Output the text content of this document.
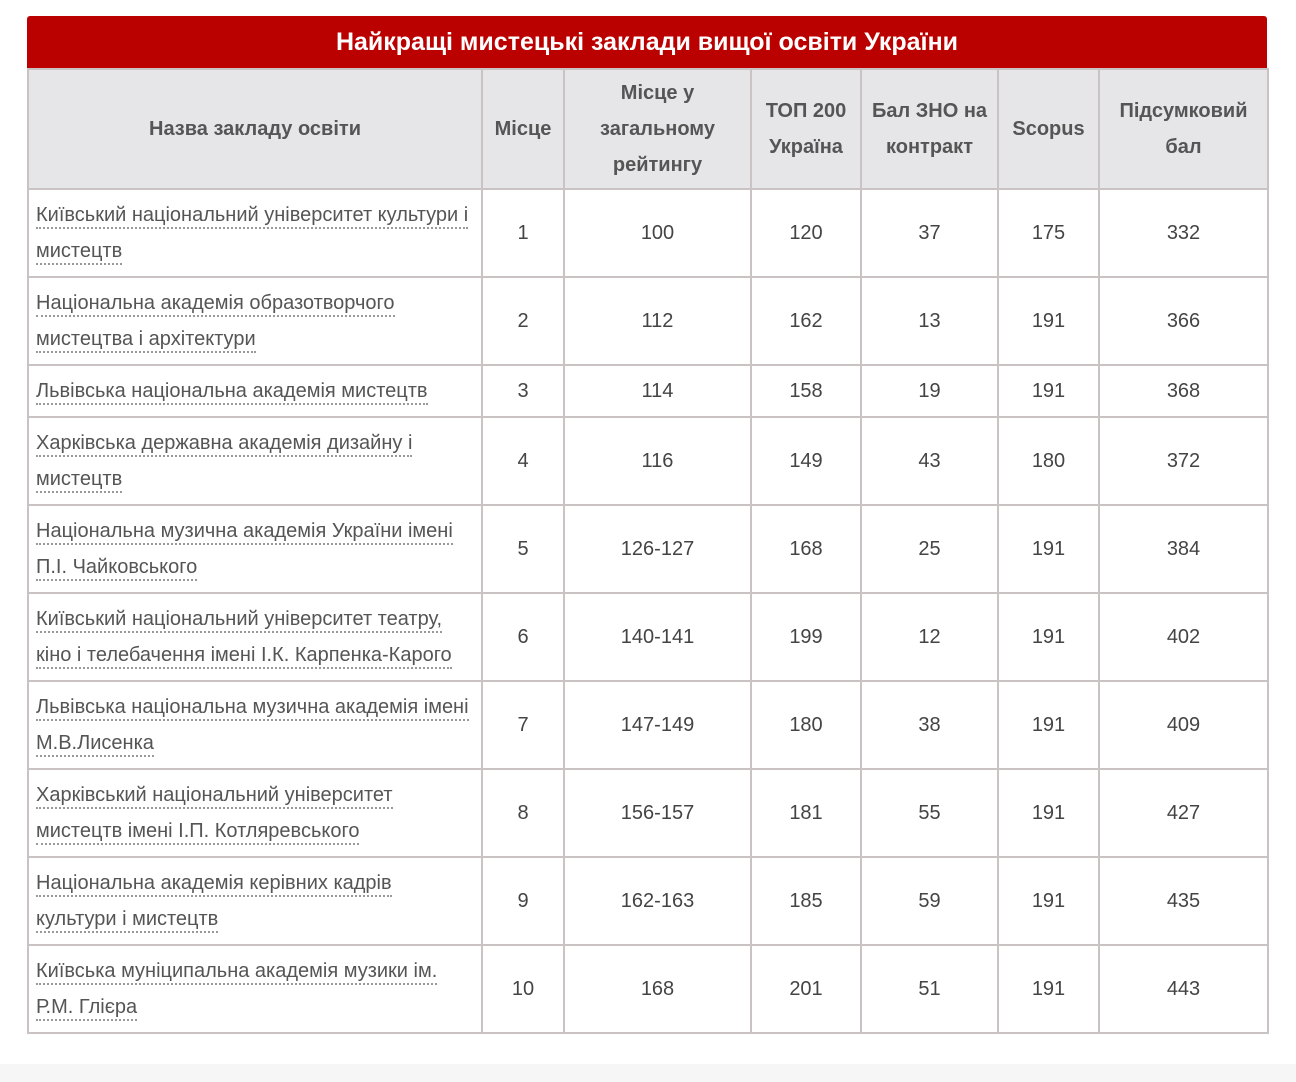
Найкращі мистецькі заклади вищої освіти України
Назва закладу освіти	Місце	Місце у загальному рейтингу	ТОП 200 Україна	Бал ЗНО на контракт	Scopus	Підсумковий бал
Київський національний університет культури і мистецтв	1	100	120	37	175	332
Національна академія образотворчого мистецтва і архітектури	2	112	162	13	191	366
Львівська національна академія мистецтв	3	114	158	19	191	368
Харківська державна академія дизайну і мистецтв	4	116	149	43	180	372
Національна музична академія України імені П.І. Чайковського	5	126-127	168	25	191	384
Київський національний університет театру, кіно і телебачення імені І.К. Карпенка-Карого	6	140-141	199	12	191	402
Львівська національна музична академія імені М.В.Лисенка	7	147-149	180	38	191	409
Харківський національний університет мистецтв імені І.П. Котляревського	8	156-157	181	55	191	427
Національна академія керівних кадрів культури і мистецтв	9	162-163	185	59	191	435
Київська муніципальна академія музики ім. Р.М. Глієра	10	168	201	51	191	443
